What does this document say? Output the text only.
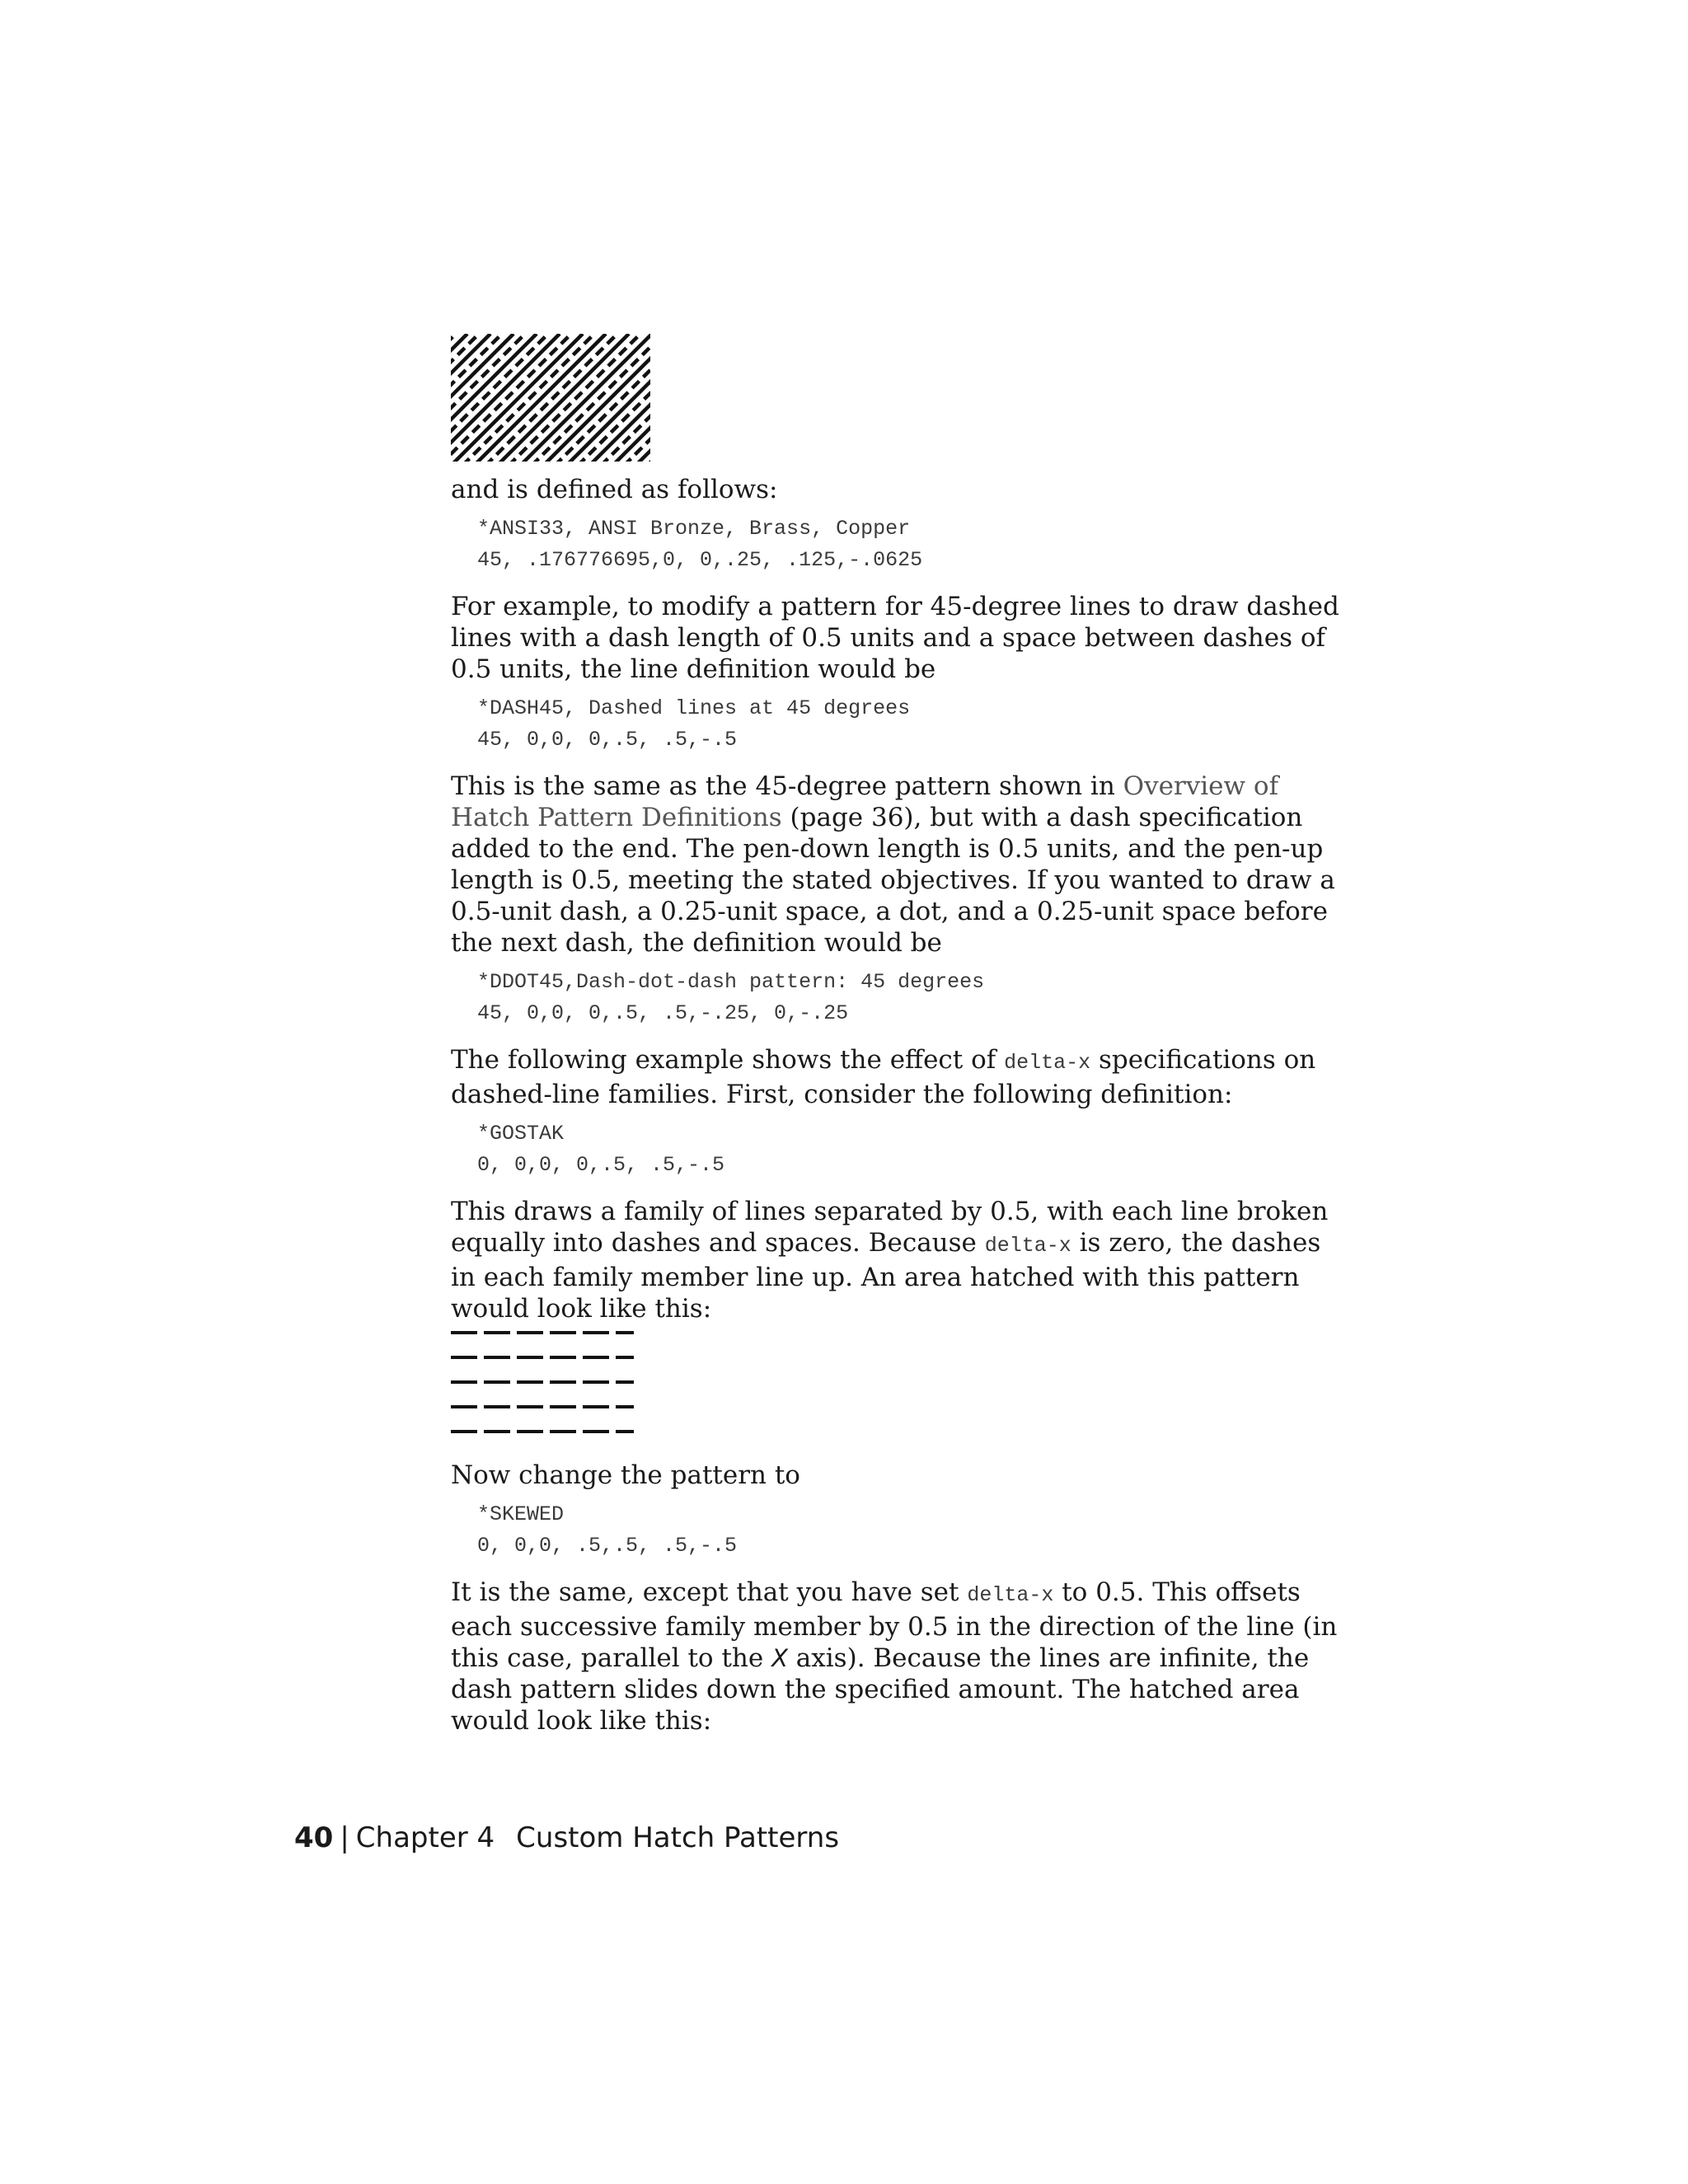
and is defined as follows:

*ANSI33, ANSI Bronze, Brass, Copper
45, .176776695,0, 0,.25, .125,-.0625

For example, to modify a pattern for 45-degree lines to draw dashed lines with a dash length of 0.5 units and a space between dashes of 0.5 units, the line definition would be

*DASH45, Dashed lines at 45 degrees
45, 0,0, 0,.5, .5,-.5

This is the same as the 45-degree pattern shown in Overview of Hatch Pattern Definitions (page 36), but with a dash specification added to the end. The pen-down length is 0.5 units, and the pen-up length is 0.5, meeting the stated objectives. If you wanted to draw a 0.5-unit dash, a 0.25-unit space, a dot, and a 0.25-unit space before the next dash, the definition would be

*DDOT45,Dash-dot-dash pattern: 45 degrees
45, 0,0, 0,.5, .5,-.25, 0,-.25

The following example shows the effect of delta-x specifications on dashed-line families. First, consider the following definition:

*GOSTAK
0, 0,0, 0,.5, .5,-.5

This draws a family of lines separated by 0.5, with each line broken equally into dashes and spaces. Because delta-x is zero, the dashes in each family member line up. An area hatched with this pattern would look like this:

Now change the pattern to

*SKEWED
0, 0,0, .5,.5, .5,-.5

It is the same, except that you have set delta-x to 0.5. This offsets each successive family member by 0.5 in the direction of the line (in this case, parallel to the X axis). Because the lines are infinite, the dash pattern slides down the specified amount. The hatched area would look like this:

40 | Chapter 4 Custom Hatch Patterns
